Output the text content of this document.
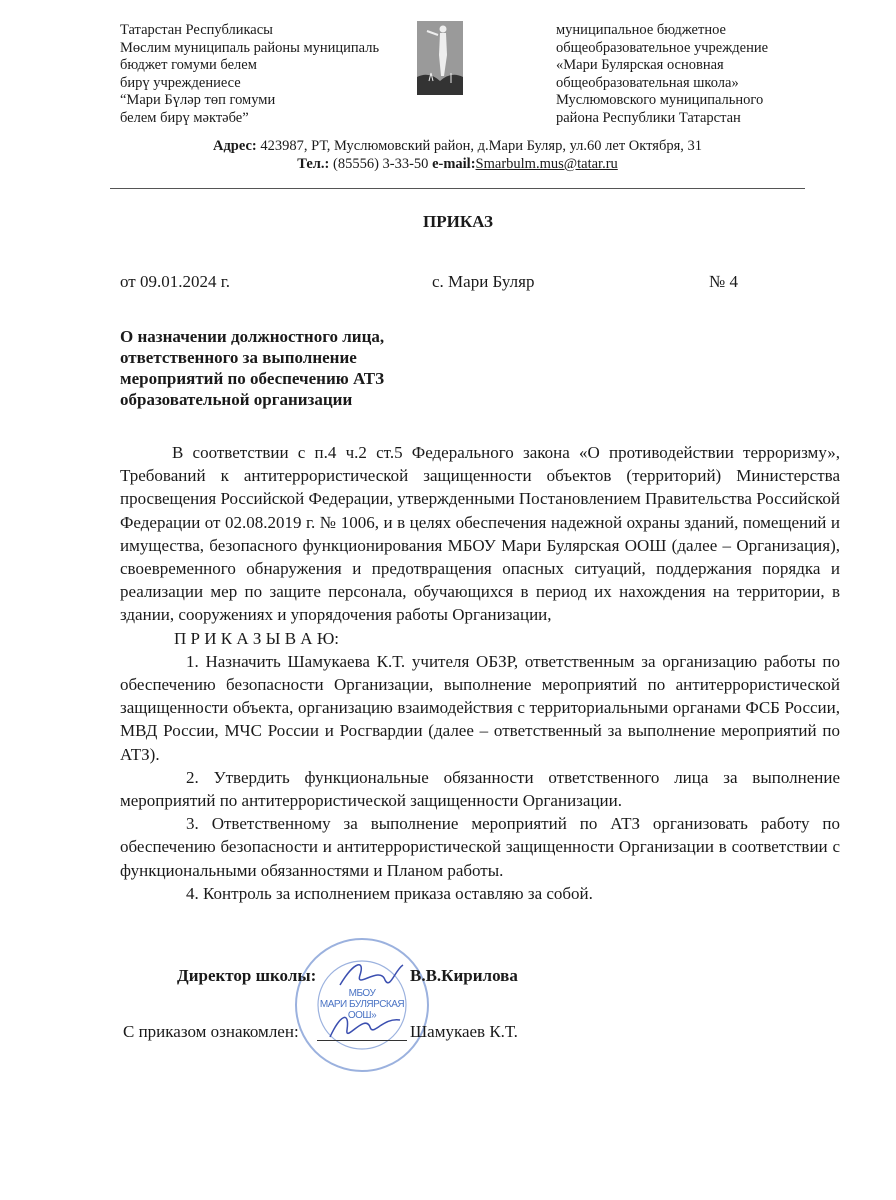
Татарстан Республикасы
Мөслим муниципаль районы муниципаль
бюджет гомуми белем
бирү учреждениесе
“Мари Бүләр төп гомуми
белем бирү мәктәбе”
муниципальное бюджетное
общеобразовательное учреждение
«Мари Булярская основная
общеобразовательная школа»
Муслюмовского муниципального
района Республики Татарстан
Адрес: 423987, РТ, Муслюмовский район, д.Мари Буляр, ул.60 лет Октября, 31
Тел.: (85556) 3-33-50 e-mail:Smarbulm.mus@tatar.ru
ПРИКАЗ
от 09.01.2024 г.	с. Мари Буляр	№ 4
О назначении должностного лица,
ответственного за выполнение
мероприятий по обеспечению АТЗ
образовательной организации

В соответствии с п.4 ч.2 ст.5 Федерального закона «О противодействии терроризму», Требований к антитеррористической защищенности объектов (территорий) Министерства просвещения Российской Федерации, утвержденными Постановлением Правительства Российской Федерации от 02.08.2019 г. № 1006, и в целях обеспечения надежной охраны зданий, помещений и имущества, безопасного функционирования МБОУ Мари Булярская ООШ (далее – Организация), своевременного обнаружения и предотвращения опасных ситуаций, поддержания порядка и реализации мер по защите персонала, обучающихся в период их нахождения на территории, в здании, сооружениях и упорядочения работы Организации,

П Р И К А З Ы В А Ю:

1. Назначить Шамукаева К.Т. учителя ОБЗР, ответственным за организацию работы по обеспечению безопасности Организации, выполнение мероприятий по антитеррористической защищенности объекта, организацию взаимодействия с территориальными органами ФСБ России, МВД России, МЧС России и Росгвардии (далее – ответственный за выполнение мероприятий по АТЗ).

2. Утвердить функциональные обязанности ответственного лица за выполнение мероприятий по антитеррористической защищенности Организации.

3. Ответственному за выполнение мероприятий по АТЗ организовать работу по обеспечению безопасности и антитеррористической защищенности Организации в соответствии с функциональными обязанностями и Планом работы.

4. Контроль за исполнением приказа оставляю за собой.

МБОУ
МАРИ БУЛЯРСКАЯ
ООШ»
Директор школы:	В.В.Кирилова
С приказом ознакомлен:	Шамукаев К.Т.
